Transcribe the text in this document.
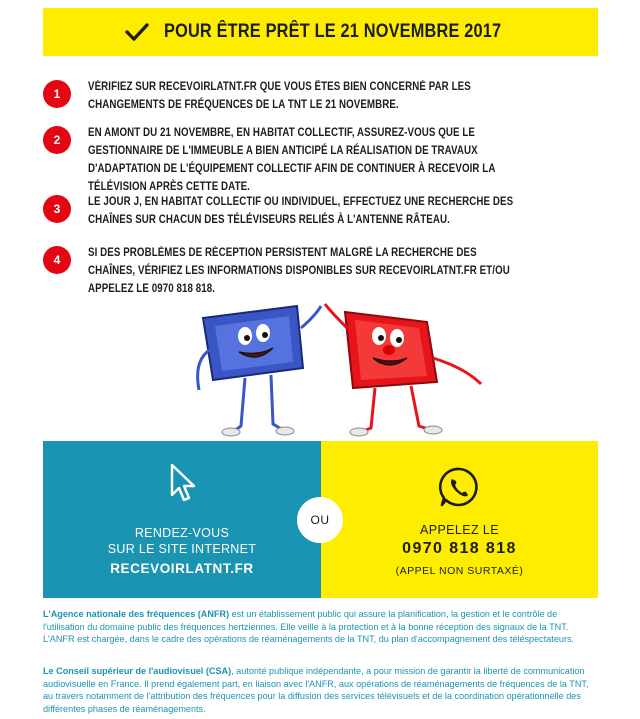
POUR ÊTRE PRÊT LE 21 NOVEMBRE 2017
1
VÉRIFIEZ SUR RECEVOIRLATNT.FR QUE VOUS ÊTES BIEN CONCERNÉ PAR LES CHANGEMENTS DE FRÉQUENCES DE LA TNT LE 21 NOVEMBRE.
2
EN AMONT DU 21 NOVEMBRE, EN HABITAT COLLECTIF, ASSUREZ-VOUS QUE LE GESTIONNAIRE DE L'IMMEUBLE A BIEN ANTICIPÉ LA RÉALISATION DE TRAVAUX D'ADAPTATION DE L'ÉQUIPEMENT COLLECTIF AFIN DE CONTINUER À RECEVOIR LA TÉLÉVISION APRÈS CETTE DATE.
3
LE JOUR J, EN HABITAT COLLECTIF OU INDIVIDUEL, EFFECTUEZ UNE RECHERCHE DES CHAÎNES SUR CHACUN DES TÉLÉVISEURS RELIÉS À L'ANTENNE RÂTEAU.
4
SI DES PROBLÈMES DE RÉCEPTION PERSISTENT MALGRÉ LA RECHERCHE DES CHAÎNES, VÉRIFIEZ LES INFORMATIONS DISPONIBLES SUR RECEVOIRLATNT.FR ET/OU APPELEZ LE 0970 818 818.
RENDEZ-VOUS
SUR LE SITE INTERNET
RECEVOIRLATNT.FR
APPELEZ LE
0970 818 818
(APPEL NON SURTAXÉ)
OU

L'Agence nationale des fréquences (ANFR) est un établissement public qui assure la planification, la gestion et le contrôle de l'utilisation du domaine public des fréquences hertziennes. Elle veille à la protection et à la bonne réception des signaux de la TNT. L'ANFR est chargée, dans le cadre des opérations de réaménagements de la TNT, du plan d'accompagnement des téléspectateurs.

Le Conseil supérieur de l'audiovisuel (CSA), autorité publique indépendante, a pour mission de garantir la liberté de communication audiovisuelle en France. Il prend également part, en liaison avec l'ANFR, aux opérations de réaménagements de fréquences de la TNT, au travers notamment de l'attribution des fréquences pour la diffusion des services télévisuels et de la coordination opérationnelle des différentes phases de réaménagements.
